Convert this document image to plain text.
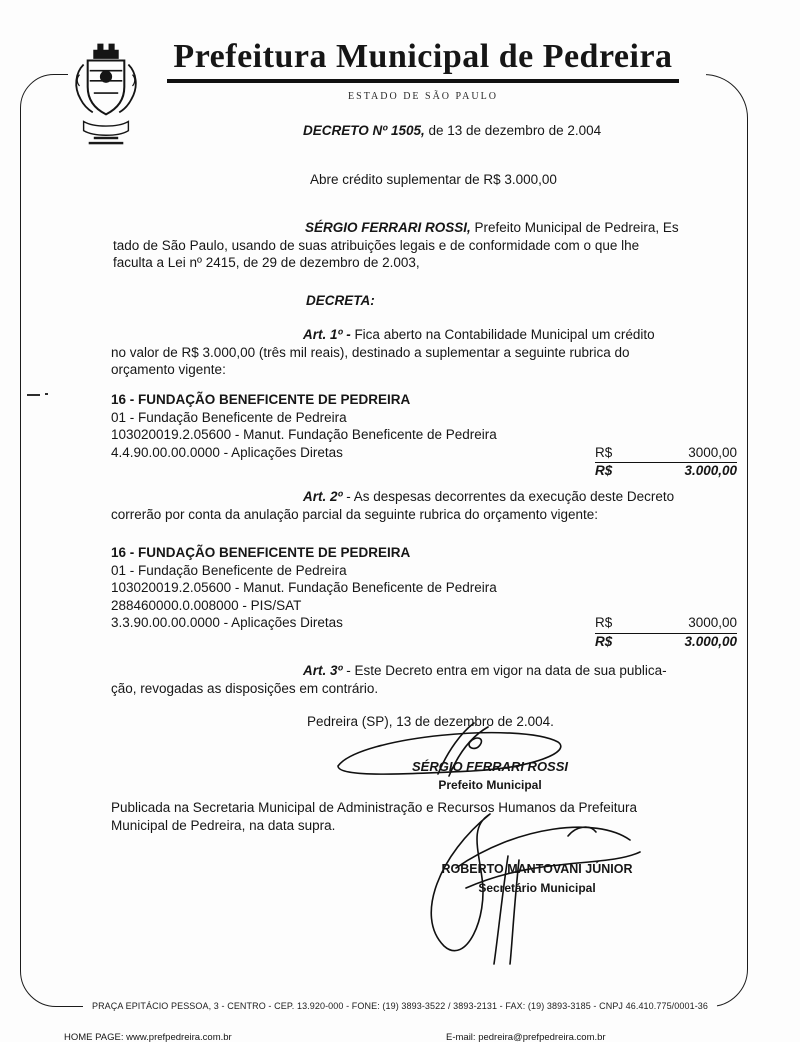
Prefeitura Municipal de Pedreira
ESTADO DE SÃO PAULO
DECRETO Nº 1505, de 13 de dezembro de 2.004
Abre crédito suplementar de R$ 3.000,00
SÉRGIO FERRARI ROSSI, Prefeito Municipal de Pedreira, Es
tado de São Paulo, usando de suas atribuições legais e de conformidade com o que lhe
faculta a Lei nº 2415, de 29 de dezembro de 2.003,
DECRETA:
Art. 1º - Fica aberto na Contabilidade Municipal um crédito
no valor de R$ 3.000,00 (três mil reais), destinado a suplementar a seguinte rubrica do
orçamento vigente:
16 - FUNDAÇÃO BENEFICENTE DE PEDREIRA
01 - Fundação Beneficente de Pedreira
103020019.2.05600 - Manut. Fundação Beneficente de Pedreira
4.4.90.00.00.0000 - Aplicações Diretas	R$	3000,00
R$	3.000,00
Art. 2º - As despesas decorrentes da execução deste Decreto
correrão por conta da anulação parcial da seguinte rubrica do orçamento vigente:
16 - FUNDAÇÃO BENEFICENTE DE PEDREIRA
01 - Fundação Beneficente de Pedreira
103020019.2.05600 - Manut. Fundação Beneficente de Pedreira
288460000.0.008000 - PIS/SAT
3.3.90.00.00.0000 - Aplicações Diretas	R$	3000,00
R$	3.000,00
Art. 3º - Este Decreto entra em vigor na data de sua publica-
ção, revogadas as disposições em contrário.
Pedreira (SP), 13 de dezembro de 2.004.
SÉRGIO FERRARI ROSSI
Prefeito Municipal
Publicada na Secretaria Municipal de Administração e Recursos Humanos da Prefeitura
Municipal de Pedreira, na data supra.
ROBERTO MANTOVANI JÚNIOR
Secretário Municipal
PRAÇA EPITÁCIO PESSOA, 3 - CENTRO - CEP. 13.920-000 - FONE: (19) 3893-3522 / 3893-2131 - FAX: (19) 3893-3185 - CNPJ 46.410.775/0001-36
HOME PAGE: www.prefpedreira.com.br	E-mail: pedreira@prefpedreira.com.br
